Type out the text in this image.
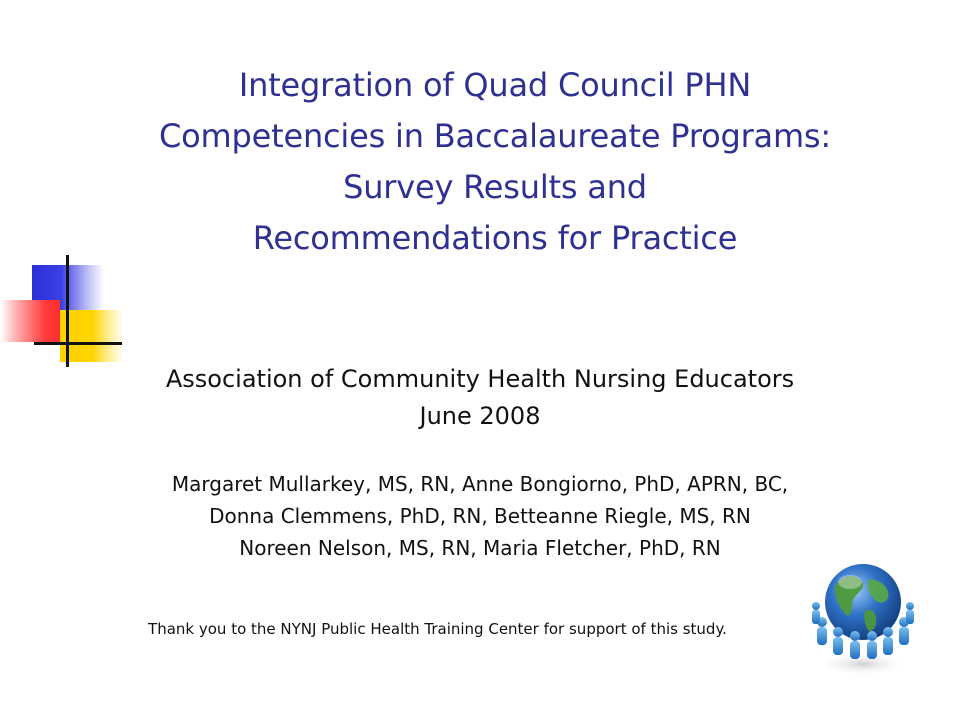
Integration of Quad Council PHN
Competencies in Baccalaureate Programs:
Survey Results and
Recommendations for Practice
Association of Community Health Nursing Educators
June 2008
Margaret Mullarkey, MS, RN, Anne Bongiorno, PhD, APRN, BC,
Donna Clemmens, PhD, RN, Betteanne Riegle, MS, RN
Noreen Nelson, MS, RN, Maria Fletcher, PhD, RN
Thank you to the NYNJ Public Health Training Center for support of this study.
